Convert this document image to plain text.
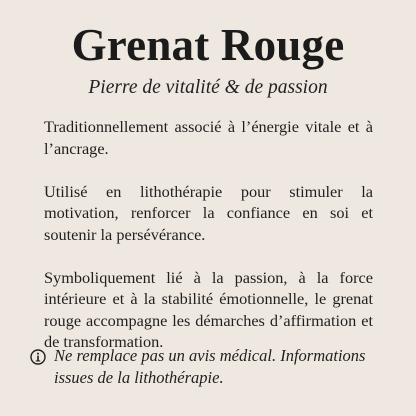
Grenat Rouge
Pierre de vitalité & de passion

Traditionnellement associé à l’énergie vitale et à l’ancrage.

Utilisé en lithothérapie pour stimuler la motivation, renforcer la confiance en soi et soutenir la persévérance.

Symboliquement lié à la passion, à la force intérieure et à la stabilité émotionnelle, le grenat rouge accompagne les démarches d’affirmation et de transformation.

Ne remplace pas un avis médical. Informations issues de la lithothérapie.
